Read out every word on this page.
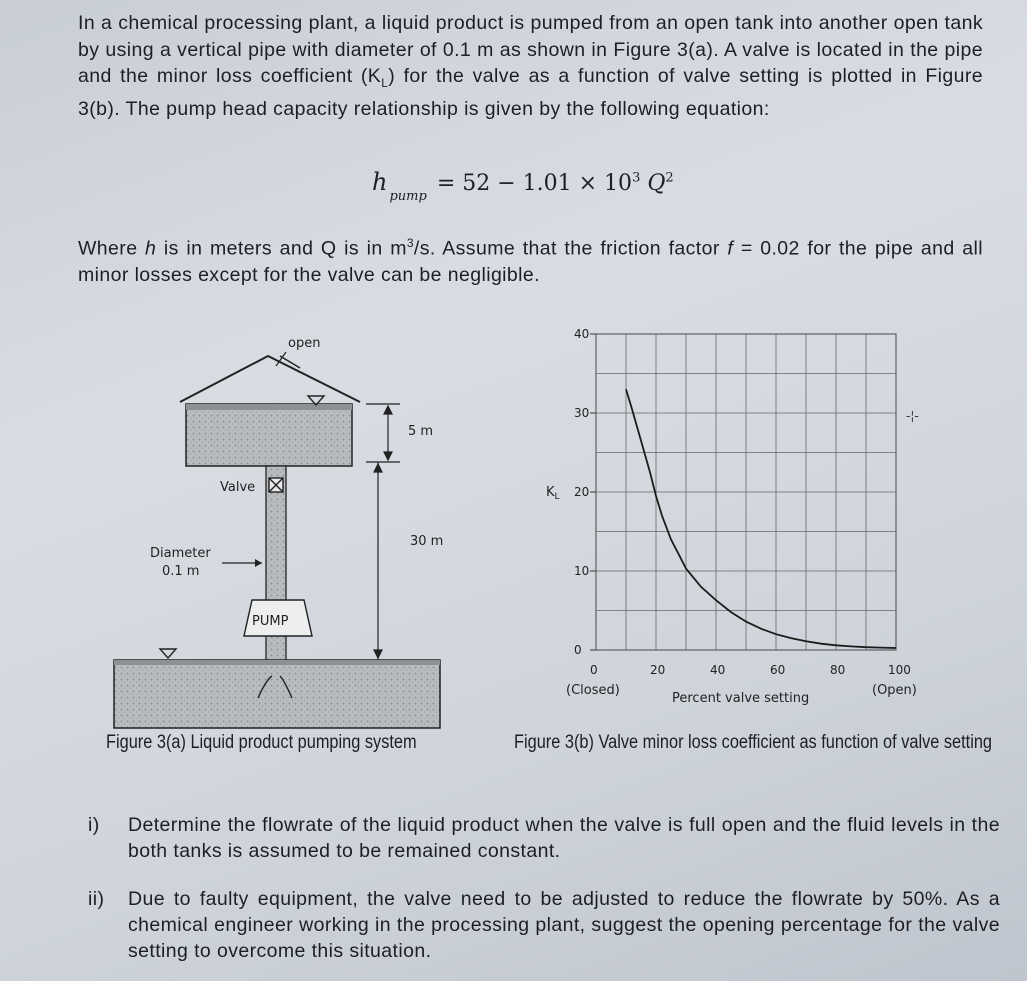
In a chemical processing plant, a liquid product is pumped from an open tank into another open tank by using a vertical pipe with diameter of 0.1 m as shown in Figure 3(a). A valve is located in the pipe and the minor loss coefficient $(K_L)$ for the valve as a function of valve setting is plotted in Figure 3(b). The pump head capacity relationship is given by the following equation:
$h_{pump}= 52 - 1.01 \times 10^3$ $Q^2$
Where h is in meters and Q is in $m^3/s$. Assume that the friction factor f = 0.02 for the pipe and all minor losses except for the valve can be negligible.
open
Valve
Diameter
0.1 m
PUMP
5 m
30 m
0	20	40	60	80	100
0
10
20
30
40
$K_L$
Percent valve setting
(Closed)	(Open)
-¦-
Figure 3(a) Liquid product pumping system	Figure 3(b) Valve minor loss coefficient as function of valve setting
i) Determine the flowrate of the liquid product when the valve is full open and the fluid levels in the both tanks is assumed to be remained constant.
ii) Due to faulty equipment, the valve need to be adjusted to reduce the flowrate by 50%. As a chemical engineer working in the processing plant, suggest the opening percentage for the valve setting to overcome this situation.
